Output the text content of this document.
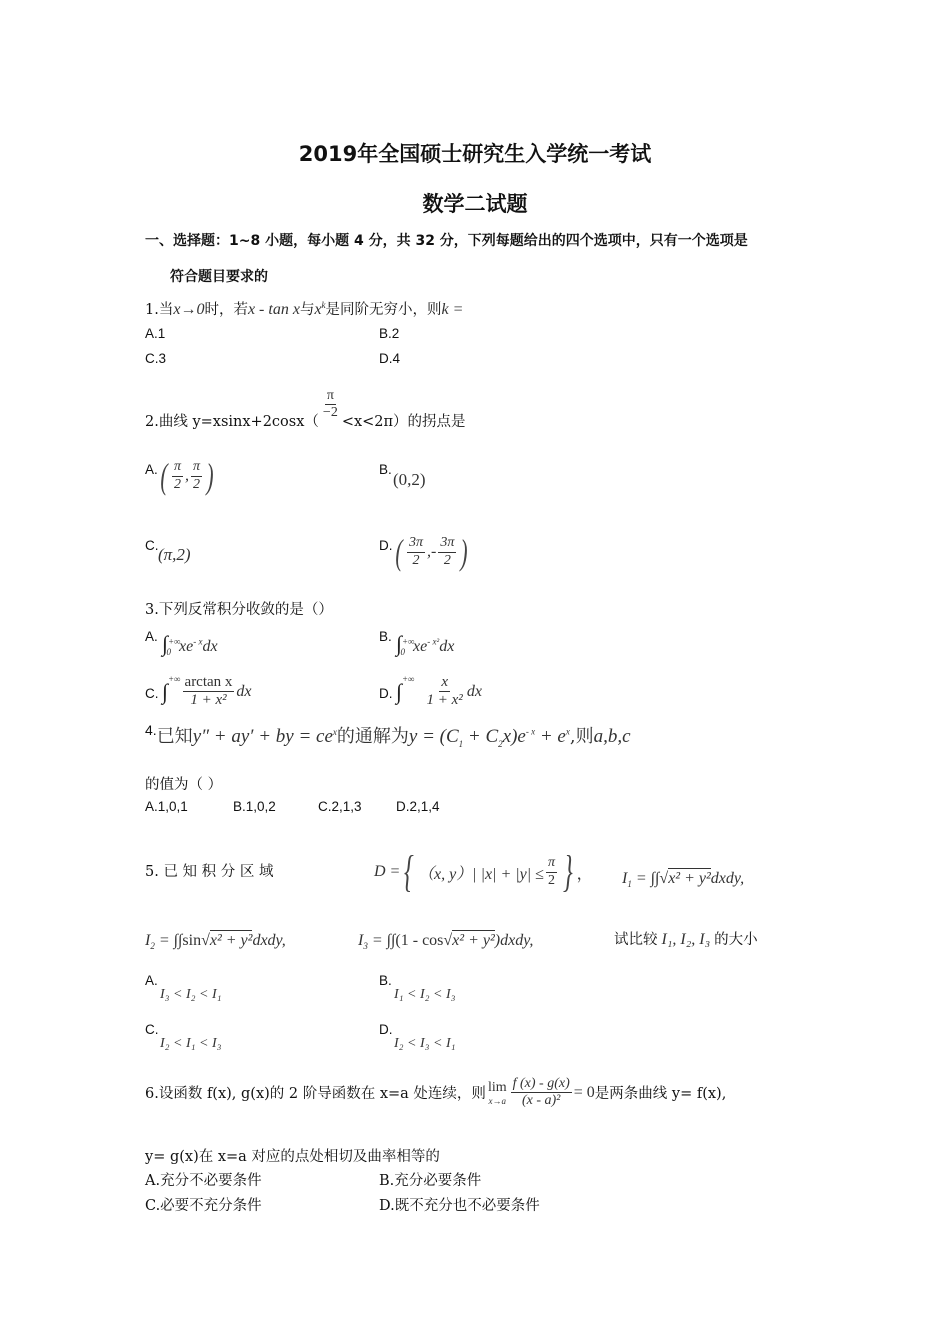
2019年全国硕士研究生入学统一考试
数学二试题
一、选择题：1~8 小题，每小题 4 分，共 32 分，下列每题给出的四个选项中，只有一个选项是
符合题目要求的
1.当x→0时，若x - tan x与$x^k$是同阶无穷小，则k =
A.1	B.2
C.3	D.4
2.曲线 y=xsinx+2cosx（
$\frac{\pi}{-2}$
<x<2π）的拐点是
A. ( $\frac{\pi}{2}$ , $\frac{\pi}{2}$ )	B.
(0,2)
C. (π,2)	D. ( $\frac{3\pi}{2}$ , - $\frac{3\pi}{2}$ )
3.下列反常积分收敛的是（）
A. $\int^{+\infty}_0$ $xe^{- x}dx$
B. $\int^{+\infty}_0$ $xe^{- x^2}dx$
C. ∫ +∞ $\frac{\text{arctan x}}{\text{1 + x²}}$ dx	D. ∫ +∞ $\frac{x}{\text{1 + x²}}$ dx
$^{4.}$已知y″ + ay′ + by = $ce^x$的通解为$y = (C_1 + C_2x)e^{- x} + e^x$,则a,b,c
的值为（ ）
A.1,0,1	B.1,0,2	C.2,1,3	D.2,1,4
5. 已 知 积 分 区 域	D = { （x, y）| $|x| + |y| \le \frac{\pi}{2}$ } ， $I_1 = \int\int√x^2$ + y²dxdy,
$I_2 = \int\int\sin√x^2$ + y²dxdy,	$I_3 = \int\int(1 - \cos√x^2$ + y²)dxdy,	试比较 I₁, I₂, I₃ 的大小
A.
I₃ < I₂ < I₁
B.
I₁ < I₂ < I₃
C.
I₂ < I₁ < I₃
D.
I₂ < I₃ < I₁
6.设函数 f(x), g(x)的 2 阶导函数在 x=a 处连续，则 lim
$x\to a \frac{f (x) - g(x)}{\text{(x - a)²}} = 0$ 是两条曲线 y= f(x),
y= g(x)在 x=a 对应的点处相切及曲率相等的
A.充分不必要条件	B.充分必要条件
C.必要不充分条件	D.既不充分也不必要条件
